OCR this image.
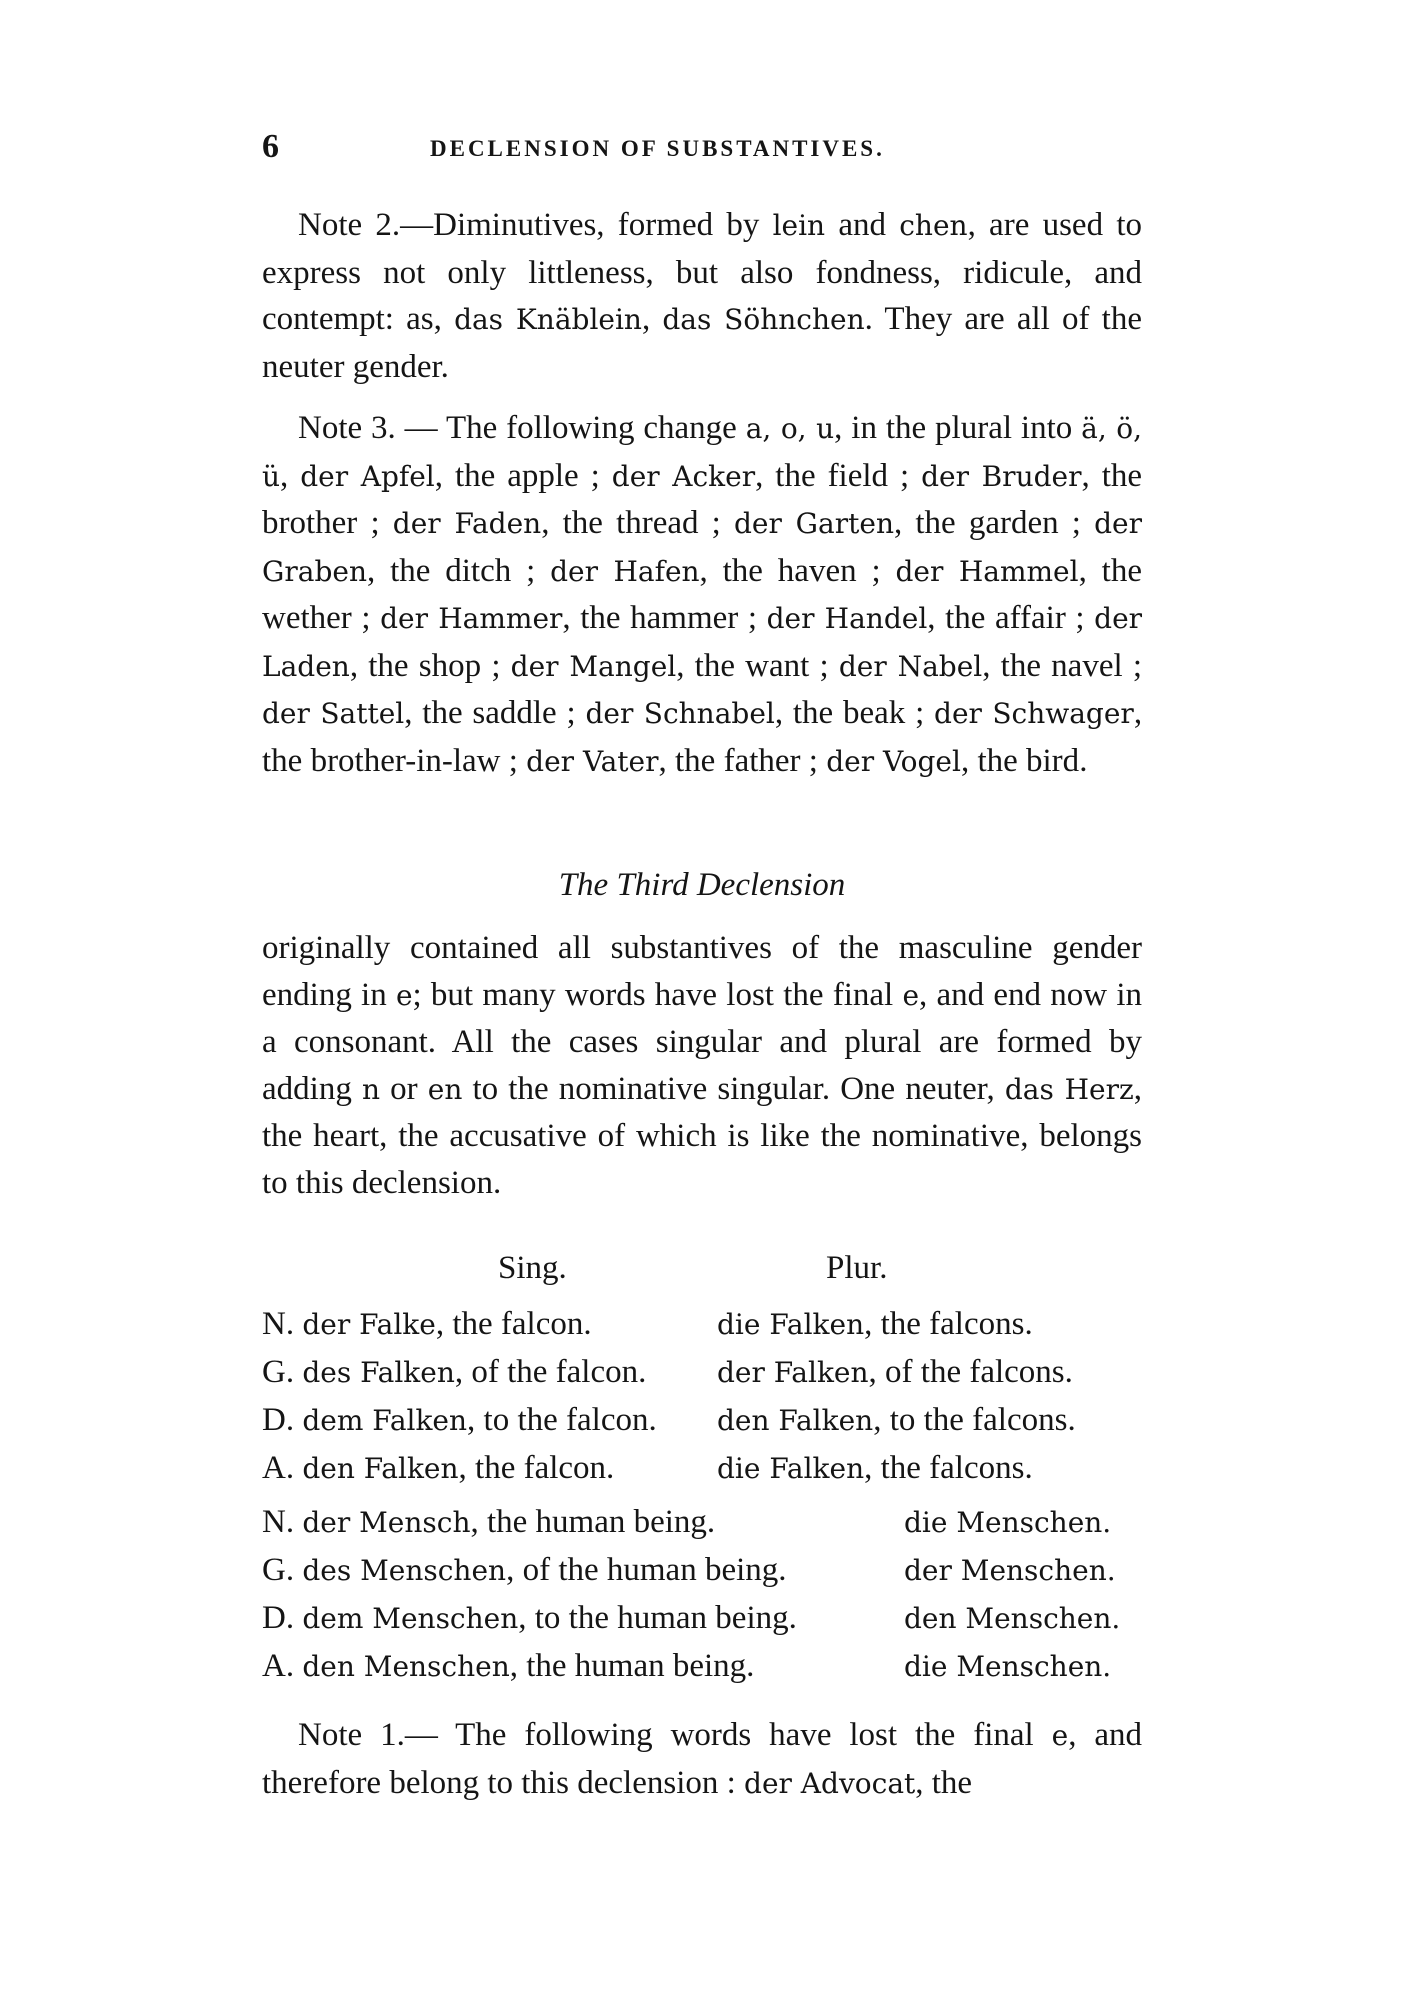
6	DECLENSION OF SUBSTANTIVES.

Note 2.—Diminutives, formed by lein and chen, are used to express not only littleness, but also fondness, ridicule, and contempt: as, das Knäblein, das Söhnchen. They are all of the neuter gender.

Note 3. — The following change a, o, u, in the plural into ä, ö, ü, der Apfel, the apple ; der Acker, the field ; der Bruder, the brother ; der Faden, the thread ; der Garten, the garden ; der Graben, the ditch ; der Hafen, the haven ; der Hammel, the wether ; der Hammer, the hammer ; der Handel, the affair ; der Laden, the shop ; der Mangel, the want ; der Nabel, the navel ; der Sattel, the saddle ; der Schnabel, the beak ; der Schwager, the brother-in-law ; der Vater, the father ; der Vogel, the bird.

The Third Declension

originally contained all substantives of the masculine gender ending in e; but many words have lost the final e, and end now in a consonant. All the cases singular and plural are formed by adding n or en to the nominative singular. One neuter, das Herz, the heart, the accusative of which is like the nominative, belongs to this declension.

Sing.	Plur.
N. der Falke, the falcon.	die Falken, the falcons.
G. des Falken, of the falcon.	der Falken, of the falcons.
D. dem Falken, to the falcon. den Falken, to the falcons.
A. den Falken, the falcon.	die Falken, the falcons.
N. der Mensch, the human being.	die Menschen.
G. des Menschen, of the human being.	der Menschen.
D. dem Menschen, to the human being.	den Menschen.
A. den Menschen, the human being.	die Menschen.

Note 1.— The following words have lost the final e, and therefore belong to this declension : der Advocat, the
